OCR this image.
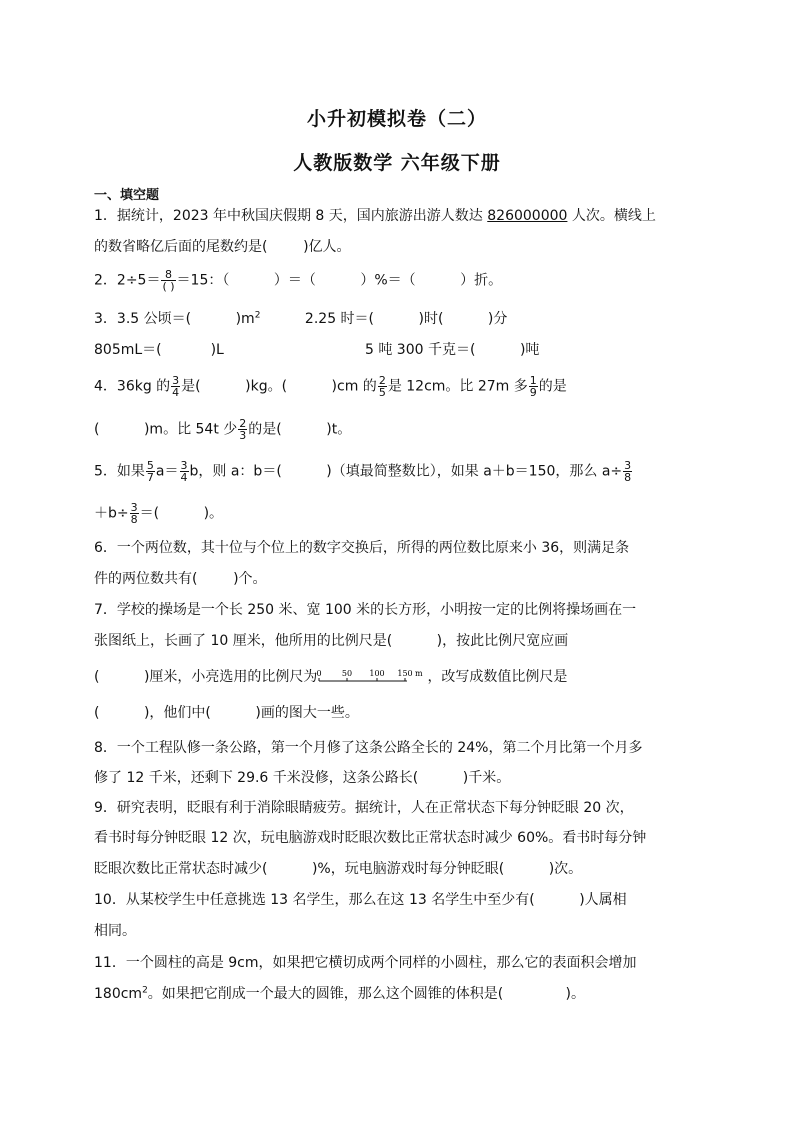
小升初模拟卷（二）
人教版数学 六年级下册
一、填空题
1．据统计，2023 年中秋国庆假期 8 天，国内旅游出游人数达 826000000 人次。横线上
的数省略亿后面的尾数约是(        )亿人。
2．$2\div 5= \frac{8}{( )} =15$：（          ）＝（          ）%＝（          ）折。
3．3.5 公顷＝(          )$m^2$          2.25 时＝(          )时(          )分
805mL＝(           )L	5 吨 300 千克＝(          )吨
4．36kg 的 $\frac{3}{4}$ 是(          )kg。(          )cm 的 $\frac{2}{5}$ 是 12cm。比 27m 多 $\frac{1}{9}$ 的是
(          )m。比 54t 少 $\frac{2}{3}$ 的是(          )t。
5．如果 $\frac{5}{7} a= \frac{3}{4}$ b，则 a：b＝(          )（填最简整数比），如果 a＋b＝150，那么 $a\div \frac{3}{8}$
$+b\div \frac{3}{8}$ ＝(          )。
6．一个两位数，其十位与个位上的数字交换后，所得的两位数比原来小 36，则满足条
件的两位数共有(        )个。
7．学校的操场是一个长 250 米、宽 100 米的长方形，小明按一定的比例将操场画在一
张图纸上，长画了 10 厘米，他所用的比例尺是(          )，按此比例尺宽应画
(          )厘米，小亮选用的比例尺为 0	50 100 150 m ，改写成数值比例尺是
(          )，他们中(          )画的图大一些。
8．一个工程队修一条公路，第一个月修了这条公路全长的 24%，第二个月比第一个月多
修了 12 千米，还剩下 29.6 千米没修，这条公路长(          )千米。
9．研究表明，眨眼有利于消除眼睛疲劳。据统计，人在正常状态下每分钟眨眼 20 次，
看书时每分钟眨眼 12 次，玩电脑游戏时眨眼次数比正常状态时减少 60%。看书时每分钟
眨眼次数比正常状态时减少(          )%，玩电脑游戏时每分钟眨眼(          )次。
10．从某校学生中任意挑选 13 名学生，那么在这 13 名学生中至少有(          )人属相
相同。
11．一个圆柱的高是 9cm，如果把它横切成两个同样的小圆柱，那么它的表面积会增加
$180cm^2$。如果把它削成一个最大的圆锥，那么这个圆锥的体积是(              )。
